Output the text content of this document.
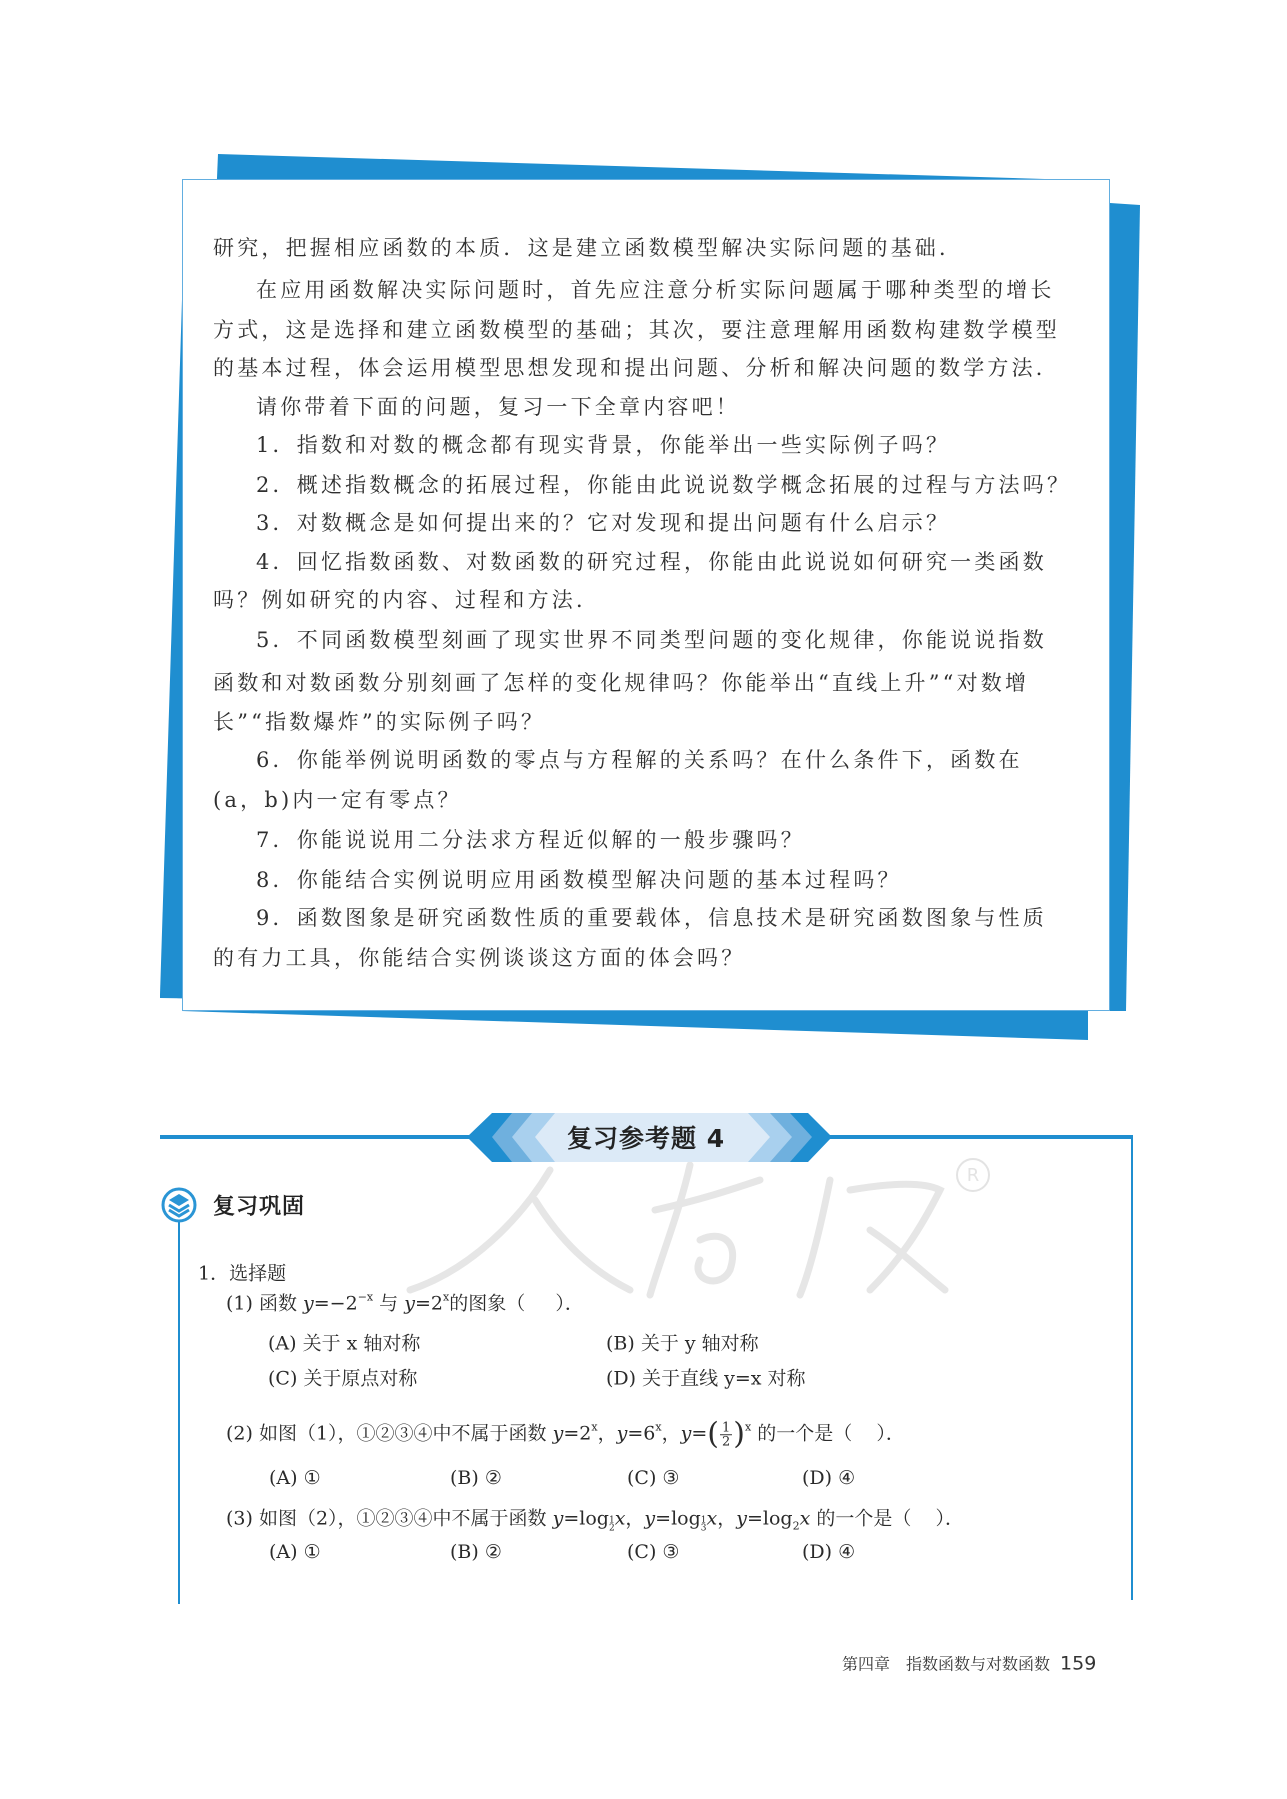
研究，把握相应函数的本质．这是建立函数模型解决实际问题的基础．
在应用函数解决实际问题时，首先应注意分析实际问题属于哪种类型的增长
方式，这是选择和建立函数模型的基础；其次，要注意理解用函数构建数学模型
的基本过程，体会运用模型思想发现和提出问题、分析和解决问题的数学方法．
请你带着下面的问题，复习一下全章内容吧！
1．指数和对数的概念都有现实背景，你能举出一些实际例子吗？
2．概述指数概念的拓展过程，你能由此说说数学概念拓展的过程与方法吗？
3．对数概念是如何提出来的？它对发现和提出问题有什么启示？
4．回忆指数函数、对数函数的研究过程，你能由此说说如何研究一类函数
吗？例如研究的内容、过程和方法．
5．不同函数模型刻画了现实世界不同类型问题的变化规律，你能说说指数
函数和对数函数分别刻画了怎样的变化规律吗？你能举出“直线上升”“对数增
长”“指数爆炸”的实际例子吗？
6．你能举例说明函数的零点与方程解的关系吗？在什么条件下，函数在
(a，b)内一定有零点？
7．你能说说用二分法求方程近似解的一般步骤吗？
8．你能结合实例说明应用函数模型解决问题的基本过程吗？
9．函数图象是研究函数性质的重要载体，信息技术是研究函数图象与性质
的有力工具，你能结合实例谈谈这方面的体会吗？
R
复习参考题 4
复习巩固
1．选择题
(1) 函数 $y=-2^{-x}$ 与 $y=2^x$的图象（ ）．
(A) 关于 x 轴对称	(B) 关于 y 轴对称
(C) 关于原点对称	(D) 关于直线 y=x 对称
(2) 如图（1），①②③④中不属于函数 $y=2^x$，$y=6^x$，$y=( \frac{1}{2} )^x$ 的一个是（ ）．
(A) ①	(B) ②	(C) ③	(D) ④
(3) 如图（2），①②③④中不属于函数 y=log 1
2 x，y=log 1
3 x，$y=\log_2x$ 的一个是（ ）．
(A) ①	(B) ②	(C) ③	(D) ④
第四章 指数函数与对数函数 159
